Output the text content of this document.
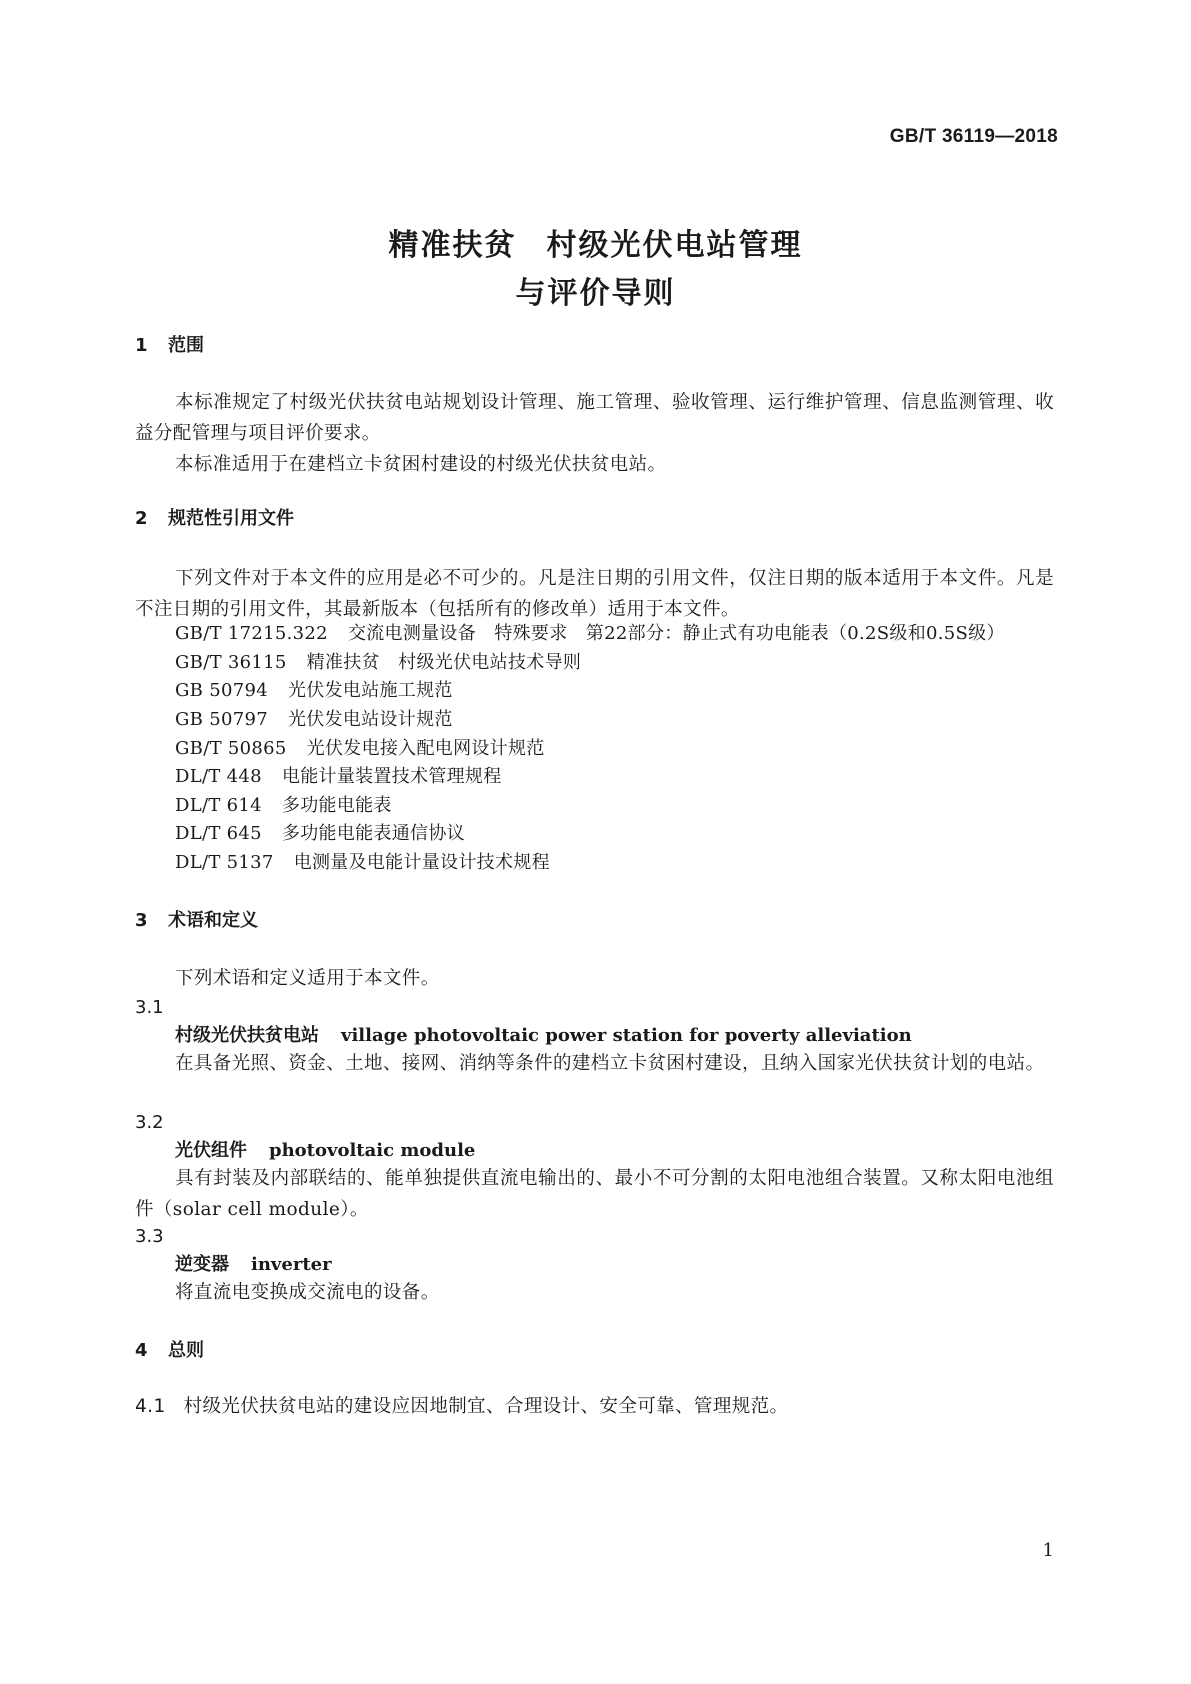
GB/T 36119—2018
精准扶贫 村级光伏电站管理
与评价导则
1 范围
本标准规定了村级光伏扶贫电站规划设计管理、施工管理、验收管理、运行维护管理、信息监测管理、收益分配管理与项目评价要求。
本标准适用于在建档立卡贫困村建设的村级光伏扶贫电站。
2 规范性引用文件
下列文件对于本文件的应用是必不可少的。凡是注日期的引用文件，仅注日期的版本适用于本文件。凡是不注日期的引用文件，其最新版本（包括所有的修改单）适用于本文件。
GB/T 17215.322 交流电测量设备　特殊要求　第22部分：静止式有功电能表（0.2S级和0.5S级）
GB/T 36115 精准扶贫　村级光伏电站技术导则
GB 50794 光伏发电站施工规范
GB 50797 光伏发电站设计规范
GB/T 50865 光伏发电接入配电网设计规范
DL/T 448 电能计量装置技术管理规程
DL/T 614 多功能电能表
DL/T 645 多功能电能表通信协议
DL/T 5137 电测量及电能计量设计技术规程
3 术语和定义
下列术语和定义适用于本文件。
3.1
村级光伏扶贫电站 village photovoltaic power station for poverty alleviation
在具备光照、资金、土地、接网、消纳等条件的建档立卡贫困村建设，且纳入国家光伏扶贫计划的电站。
3.2
光伏组件 photovoltaic module
具有封装及内部联结的、能单独提供直流电输出的、最小不可分割的太阳电池组合装置。又称太阳电池组件（solar cell module）。
3.3
逆变器 inverter
将直流电变换成交流电的设备。
4 总则
4.1 村级光伏扶贫电站的建设应因地制宜、合理设计、安全可靠、管理规范。
1
